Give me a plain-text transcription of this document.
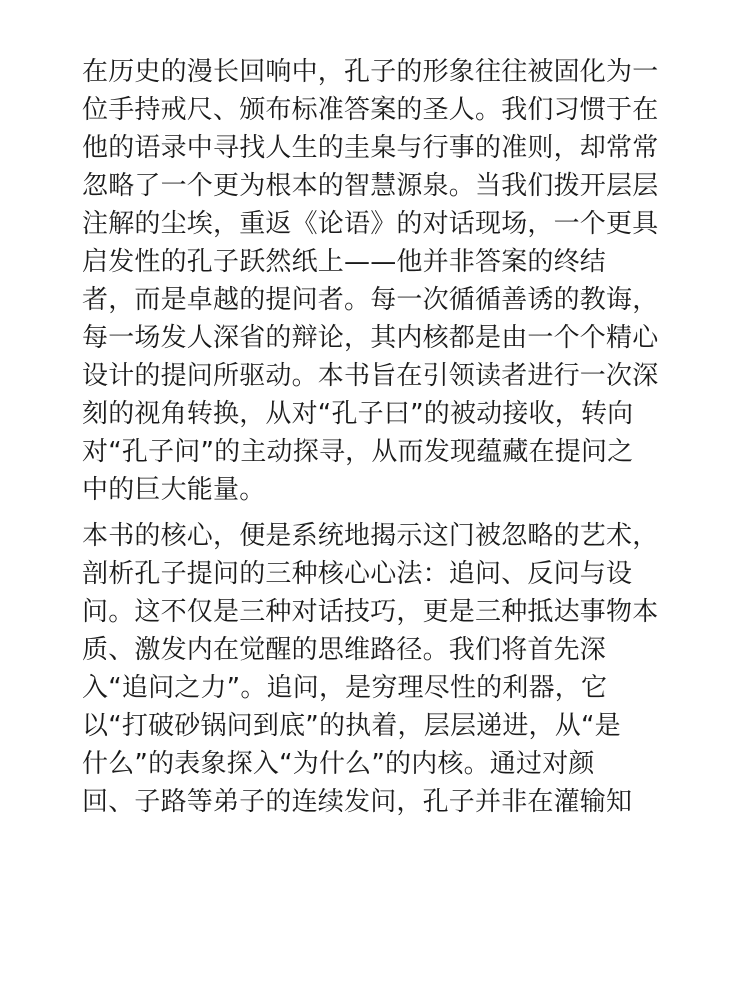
在历史的漫长回响中，孔子的形象往往被固化为一
位手持戒尺、颁布标准答案的圣人。我们习惯于在
他的语录中寻找人生的圭臬与行事的准则，却常常
忽略了一个更为根本的智慧源泉。当我们拨开层层
注解的尘埃，重返《论语》的对话现场，一个更具
启发性的孔子跃然纸上——他并非答案的终结
者，而是卓越的提问者。每一次循循善诱的教诲，
每一场发人深省的辩论，其内核都是由一个个精心
设计的提问所驱动。本书旨在引领读者进行一次深
刻的视角转换，从对“孔子曰”的被动接收，转向
对“孔子问”的主动探寻，从而发现蕴藏在提问之
中的巨大能量。
本书的核心，便是系统地揭示这门被忽略的艺术，
剖析孔子提问的三种核心心法：追问、反问与设
问。这不仅是三种对话技巧，更是三种抵达事物本
质、激发内在觉醒的思维路径。我们将首先深
入“追问之力”。追问，是穷理尽性的利器，它
以“打破砂锅问到底”的执着，层层递进，从“是
什么”的表象探入“为什么”的内核。通过对颜
回、子路等弟子的连续发问，孔子并非在灌输知
